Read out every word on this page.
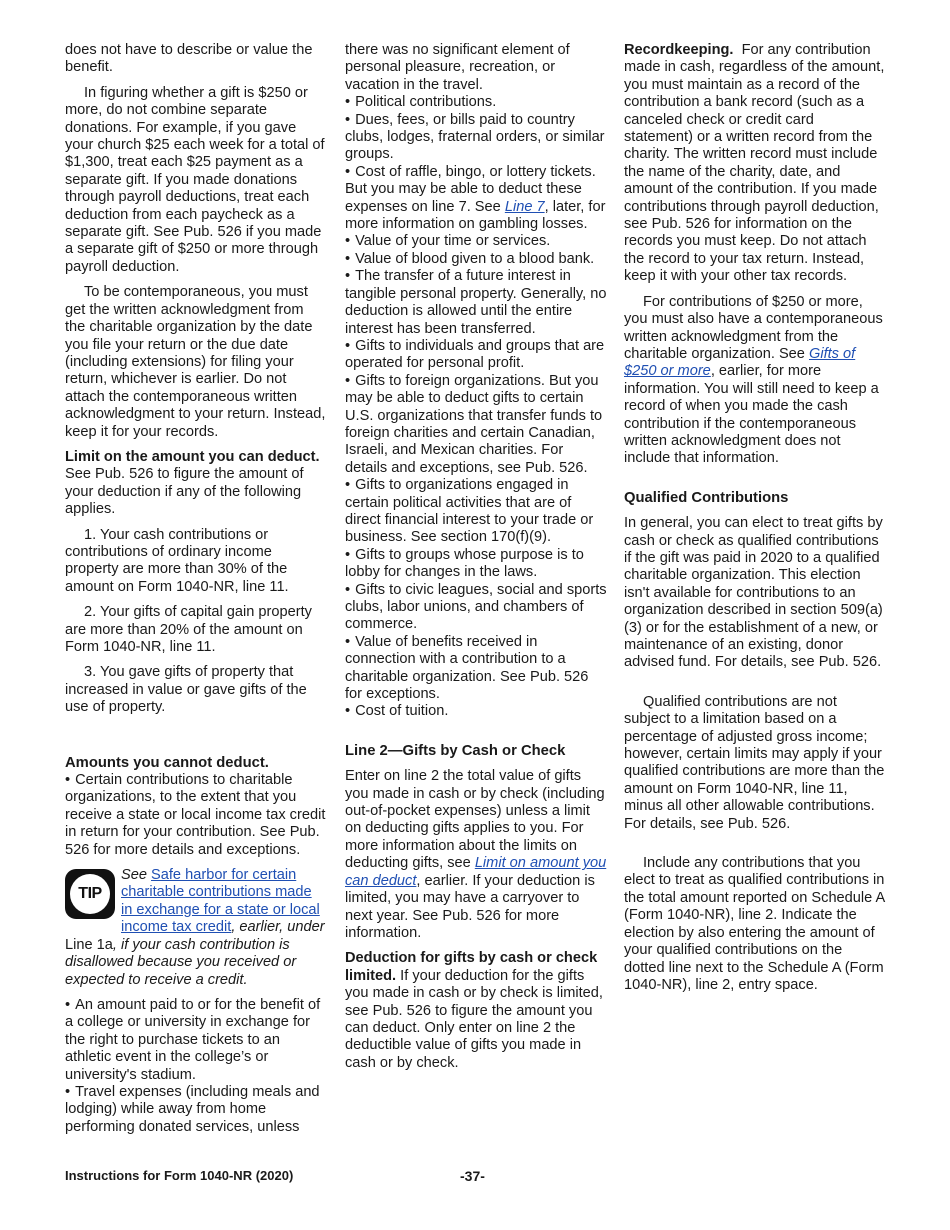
does not have to describe or value the benefit.

In figuring whether a gift is $250 or more, do not combine separate donations. For example, if you gave your church $25 each week for a total of $1,300, treat each $25 payment as a separate gift. If you made donations through payroll deductions, treat each deduction from each paycheck as a separate gift. See Pub. 526 if you made a separate gift of $250 or more through payroll deduction.

To be contemporaneous, you must get the written acknowledgment from the charitable organization by the date you file your return or the due date (including extensions) for filing your return, whichever is earlier. Do not attach the contemporaneous written acknowledgment to your return. Instead, keep it for your records.

Limit on the amount you can deduct. See Pub. 526 to figure the amount of your deduction if any of the following applies.

1. Your cash contributions or contributions of ordinary income property are more than 30% of the amount on Form 1040-NR, line 11.

2. Your gifts of capital gain property are more than 20% of the amount on Form 1040-NR, line 11.

3. You gave gifts of property that increased in value or gave gifts of the use of property.

Amounts you cannot deduct.

• Certain contributions to charitable organizations, to the extent that you receive a state or local income tax credit in return for your contribution. See Pub. 526 for more details and exceptions.

TIP
See Safe harbor for certain charitable contributions made in exchange for a state or local income tax credit, earlier, under Line 1a, if your cash contribution is disallowed because you received or expected to receive a credit.

• An amount paid to or for the benefit of a college or university in exchange for the right to purchase tickets to an athletic event in the college’s or university's stadium.

• Travel expenses (including meals and lodging) while away from home performing donated services, unless

there was no significant element of personal pleasure, recreation, or vacation in the travel.

• Political contributions.

• Dues, fees, or bills paid to country clubs, lodges, fraternal orders, or similar groups.

• Cost of raffle, bingo, or lottery tickets. But you may be able to deduct these expenses on line 7. See Line 7, later, for more information on gambling losses.

• Value of your time or services.

• Value of blood given to a blood bank.

• The transfer of a future interest in tangible personal property. Generally, no deduction is allowed until the entire interest has been transferred.

• Gifts to individuals and groups that are operated for personal profit.

• Gifts to foreign organizations. But you may be able to deduct gifts to certain U.S. organizations that transfer funds to foreign charities and certain Canadian, Israeli, and Mexican charities. For details and exceptions, see Pub. 526.

• Gifts to organizations engaged in certain political activities that are of direct financial interest to your trade or business. See section 170(f)(9).

• Gifts to groups whose purpose is to lobby for changes in the laws.

• Gifts to civic leagues, social and sports clubs, labor unions, and chambers of commerce.

• Value of benefits received in connection with a contribution to a charitable organization. See Pub. 526 for exceptions.

• Cost of tuition.

Line 2—Gifts by Cash or Check

Enter on line 2 the total value of gifts you made in cash or by check (including out-of-pocket expenses) unless a limit on deducting gifts applies to you. For more information about the limits on deducting gifts, see Limit on amount you can deduct, earlier. If your deduction is limited, you may have a carryover to next year. See Pub. 526 for more information.

Deduction for gifts by cash or check limited. If your deduction for the gifts you made in cash or by check is limited, see Pub. 526 to figure the amount you can deduct. Only enter on line 2 the deductible value of gifts you made in cash or by check.

Recordkeeping. For any contribution made in cash, regardless of the amount, you must maintain as a record of the contribution a bank record (such as a canceled check or credit card statement) or a written record from the charity. The written record must include the name of the charity, date, and amount of the contribution. If you made contributions through payroll deduction, see Pub. 526 for information on the records you must keep. Do not attach the record to your tax return. Instead, keep it with your other tax records.

For contributions of $250 or more, you must also have a contemporaneous written acknowledgment from the charitable organization. See Gifts of $250 or more, earlier, for more information. You will still need to keep a record of when you made the cash contribution if the contemporaneous written acknowledgment does not include that information.

Qualified Contributions

In general, you can elect to treat gifts by cash or check as qualified contributions if the gift was paid in 2020 to a qualified charitable organization. This election isn't available for contributions to an organization described in section 509(a)(3) or for the establishment of a new, or maintenance of an existing, donor advised fund. For details, see Pub. 526.

Qualified contributions are not subject to a limitation based on a percentage of adjusted gross income; however, certain limits may apply if your qualified contributions are more than the amount on Form 1040-NR, line 11, minus all other allowable contributions. For details, see Pub. 526.

Include any contributions that you elect to treat as qualified contributions in the total amount reported on Schedule A (Form 1040-NR), line 2. Indicate the election by also entering the amount of your qualified contributions on the dotted line next to the Schedule A (Form 1040-NR), line 2, entry space.

Instructions for Form 1040-NR (2020)	-37-
